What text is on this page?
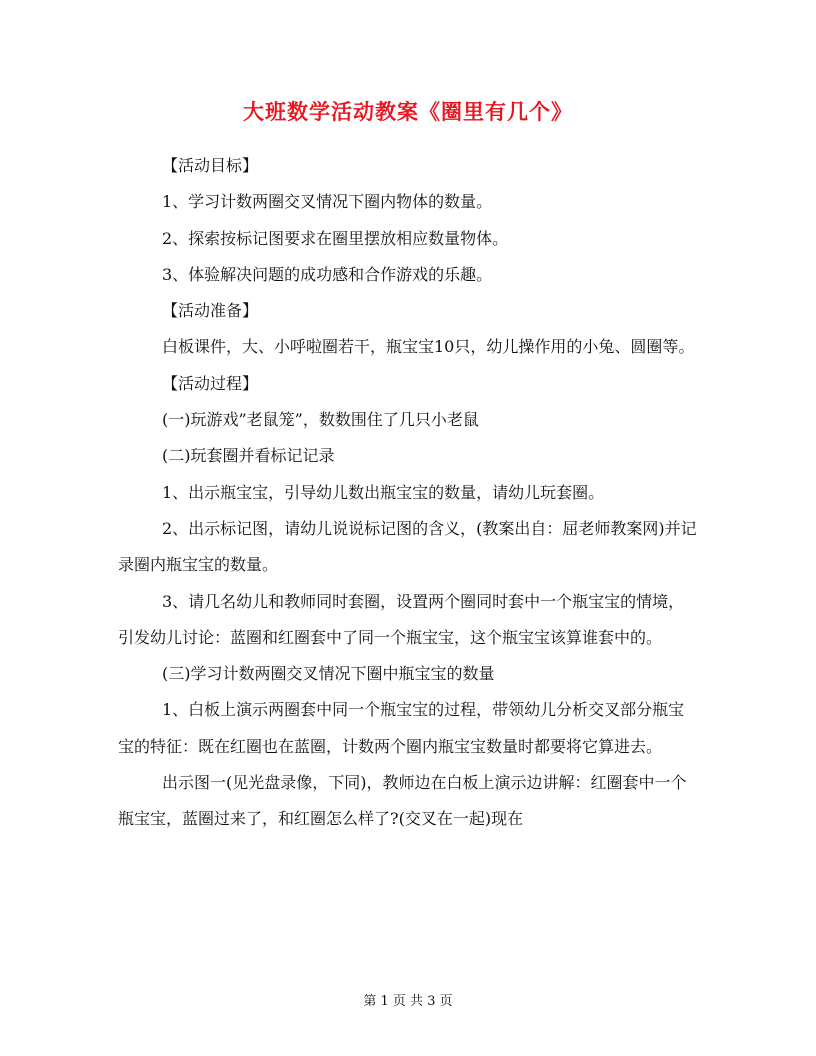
大班数学活动教案《圈里有几个》

【活动目标】

1、学习计数两圈交叉情况下圈内物体的数量。

2、探索按标记图要求在圈里摆放相应数量物体。

3、体验解决问题的成功感和合作游戏的乐趣。

【活动准备】

白板课件，大、小呼啦圈若干，瓶宝宝10只，幼儿操作用的小兔、圆圈等。

【活动过程】

(一)玩游戏”老鼠笼”，数数围住了几只小老鼠

(二)玩套圈并看标记记录

1、出示瓶宝宝，引导幼儿数出瓶宝宝的数量，请幼儿玩套圈。

2、出示标记图，请幼儿说说标记图的含义，(教案出自：屈老师教案网)并记录圈内瓶宝宝的数量。

3、请几名幼儿和教师同时套圈，设置两个圈同时套中一个瓶宝宝的情境，引发幼儿讨论：蓝圈和红圈套中了同一个瓶宝宝，这个瓶宝宝该算谁套中的。

(三)学习计数两圈交叉情况下圈中瓶宝宝的数量

1、白板上演示两圈套中同一个瓶宝宝的过程，带领幼儿分析交叉部分瓶宝宝的特征：既在红圈也在蓝圈，计数两个圈内瓶宝宝数量时都要将它算进去。

出示图一(见光盘录像，下同)，教师边在白板上演示边讲解：红圈套中一个瓶宝宝，蓝圈过来了，和红圈怎么样了?(交叉在一起)现在

第 1 页 共 3 页
